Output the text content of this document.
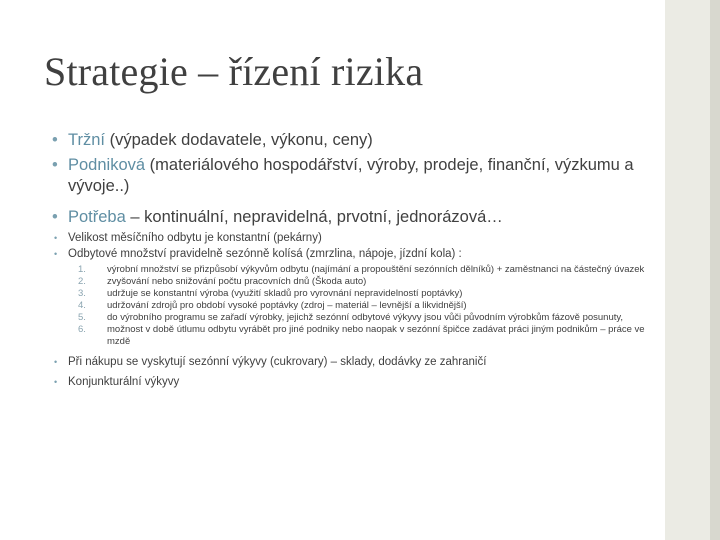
Strategie – řízení rizika
• Tržní (výpadek dodavatele, výkonu, ceny)
• Podniková (materiálového hospodářství, výroby, prodeje, finanční, výzkumu a vývoje..)
• Potřeba – kontinuální, nepravidelná, prvotní, jednorázová…
• Velikost měsíčního odbytu je konstantní (pekárny)
• Odbytové množství pravidelně sezónně kolísá (zmrzlina, nápoje, jízdní kola) :
1. výrobní množství se přizpůsobí výkyvům odbytu (najímání a propouštění sezónních dělníků) + zaměstnanci na částečný úvazek
2. zvyšování nebo snižování počtu pracovních dnů (Škoda auto)
3. udržuje se konstantní výroba (využití skladů pro vyrovnání nepravidelností poptávky)
4. udržování zdrojů pro období vysoké poptávky (zdroj – materiál – levnější a likvidnější)
5. do výrobního programu se zařadí výrobky, jejichž sezónní odbytové výkyvy jsou vůči původním výrobkům fázově posunuty,
6. možnost v době útlumu odbytu vyrábět pro jiné podniky nebo naopak v sezónní špičce zadávat práci jiným podnikům – práce ve mzdě
• Při nákupu se vyskytují sezónní výkyvy (cukrovary) – sklady, dodávky ze zahraničí
• Konjunkturální výkyvy
